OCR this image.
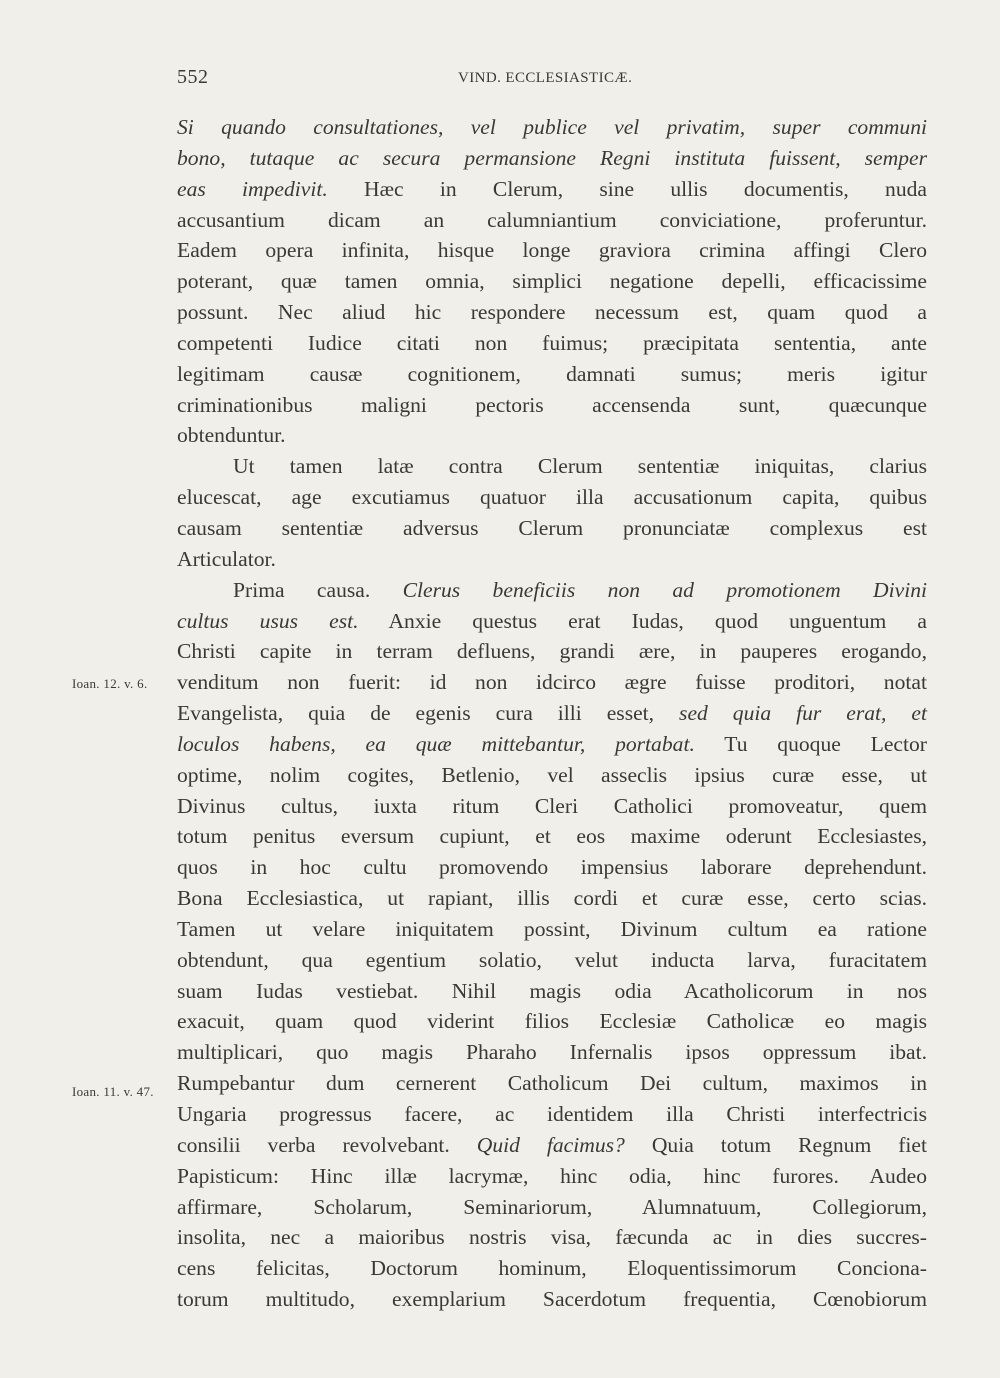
552	VIND. ECCLESIASTICÆ.
Si quando consultationes, vel publice vel privatim, super communi
bono, tutaque ac secura permansione Regni instituta fuissent, semper
eas impedivit. Hæc in Clerum, sine ullis documentis, nuda
accusantium dicam an calumniantium conviciatione, proferuntur.
Eadem opera infinita, hisque longe graviora crimina affingi Clero
poterant, quæ tamen omnia, simplici negatione depelli, efficacissime
possunt. Nec aliud hic respondere necessum est, quam quod a
competenti Iudice citati non fuimus; præcipitata sententia, ante
legitimam causæ cognitionem, damnati sumus; meris igitur
criminationibus maligni pectoris accensenda sunt, quæcunque
obtenduntur.
Ut tamen latæ contra Clerum sententiæ iniquitas, clarius
elucescat, age excutiamus quatuor illa accusationum capita, quibus
causam sententiæ adversus Clerum pronunciatæ complexus est
Articulator.
Prima causa. Clerus beneficiis non ad promotionem Divini
cultus usus est. Anxie questus erat Iudas, quod unguentum a
Christi capite in terram defluens, grandi ære, in pauperes erogando,
venditum non fuerit: id non idcirco ægre fuisse proditori, notat
Evangelista, quia de egenis cura illi esset, sed quia fur erat, et
loculos habens, ea quæ mittebantur, portabat. Tu quoque Lector
optime, nolim cogites, Betlenio, vel asseclis ipsius curæ esse, ut
Divinus cultus, iuxta ritum Cleri Catholici promoveatur, quem
totum penitus eversum cupiunt, et eos maxime oderunt Ecclesiastes,
quos in hoc cultu promovendo impensius laborare deprehendunt.
Bona Ecclesiastica, ut rapiant, illis cordi et curæ esse, certo scias.
Tamen ut velare iniquitatem possint, Divinum cultum ea ratione
obtendunt, qua egentium solatio, velut inducta larva, furacitatem
suam Iudas vestiebat. Nihil magis odia Acatholicorum in nos
exacuit, quam quod viderint filios Ecclesiæ Catholicæ eo magis
multiplicari, quo magis Pharaho Infernalis ipsos oppressum ibat.
Rumpebantur dum cernerent Catholicum Dei cultum, maximos in
Ungaria progressus facere, ac identidem illa Christi interfectricis
consilii verba revolvebant. Quid facimus? Quia totum Regnum fiet
Papisticum: Hinc illæ lacrymæ, hinc odia, hinc furores. Audeo
affirmare, Scholarum, Seminariorum, Alumnatuum, Collegiorum,
insolita, nec a maioribus nostris visa, fæcunda ac in dies succres-
cens felicitas, Doctorum hominum, Eloquentissimorum Conciona-
torum multitudo, exemplarium Sacerdotum frequentia, Cœnobiorum
Ioan. 12. v. 6.
Ioan. 11. v. 47.
